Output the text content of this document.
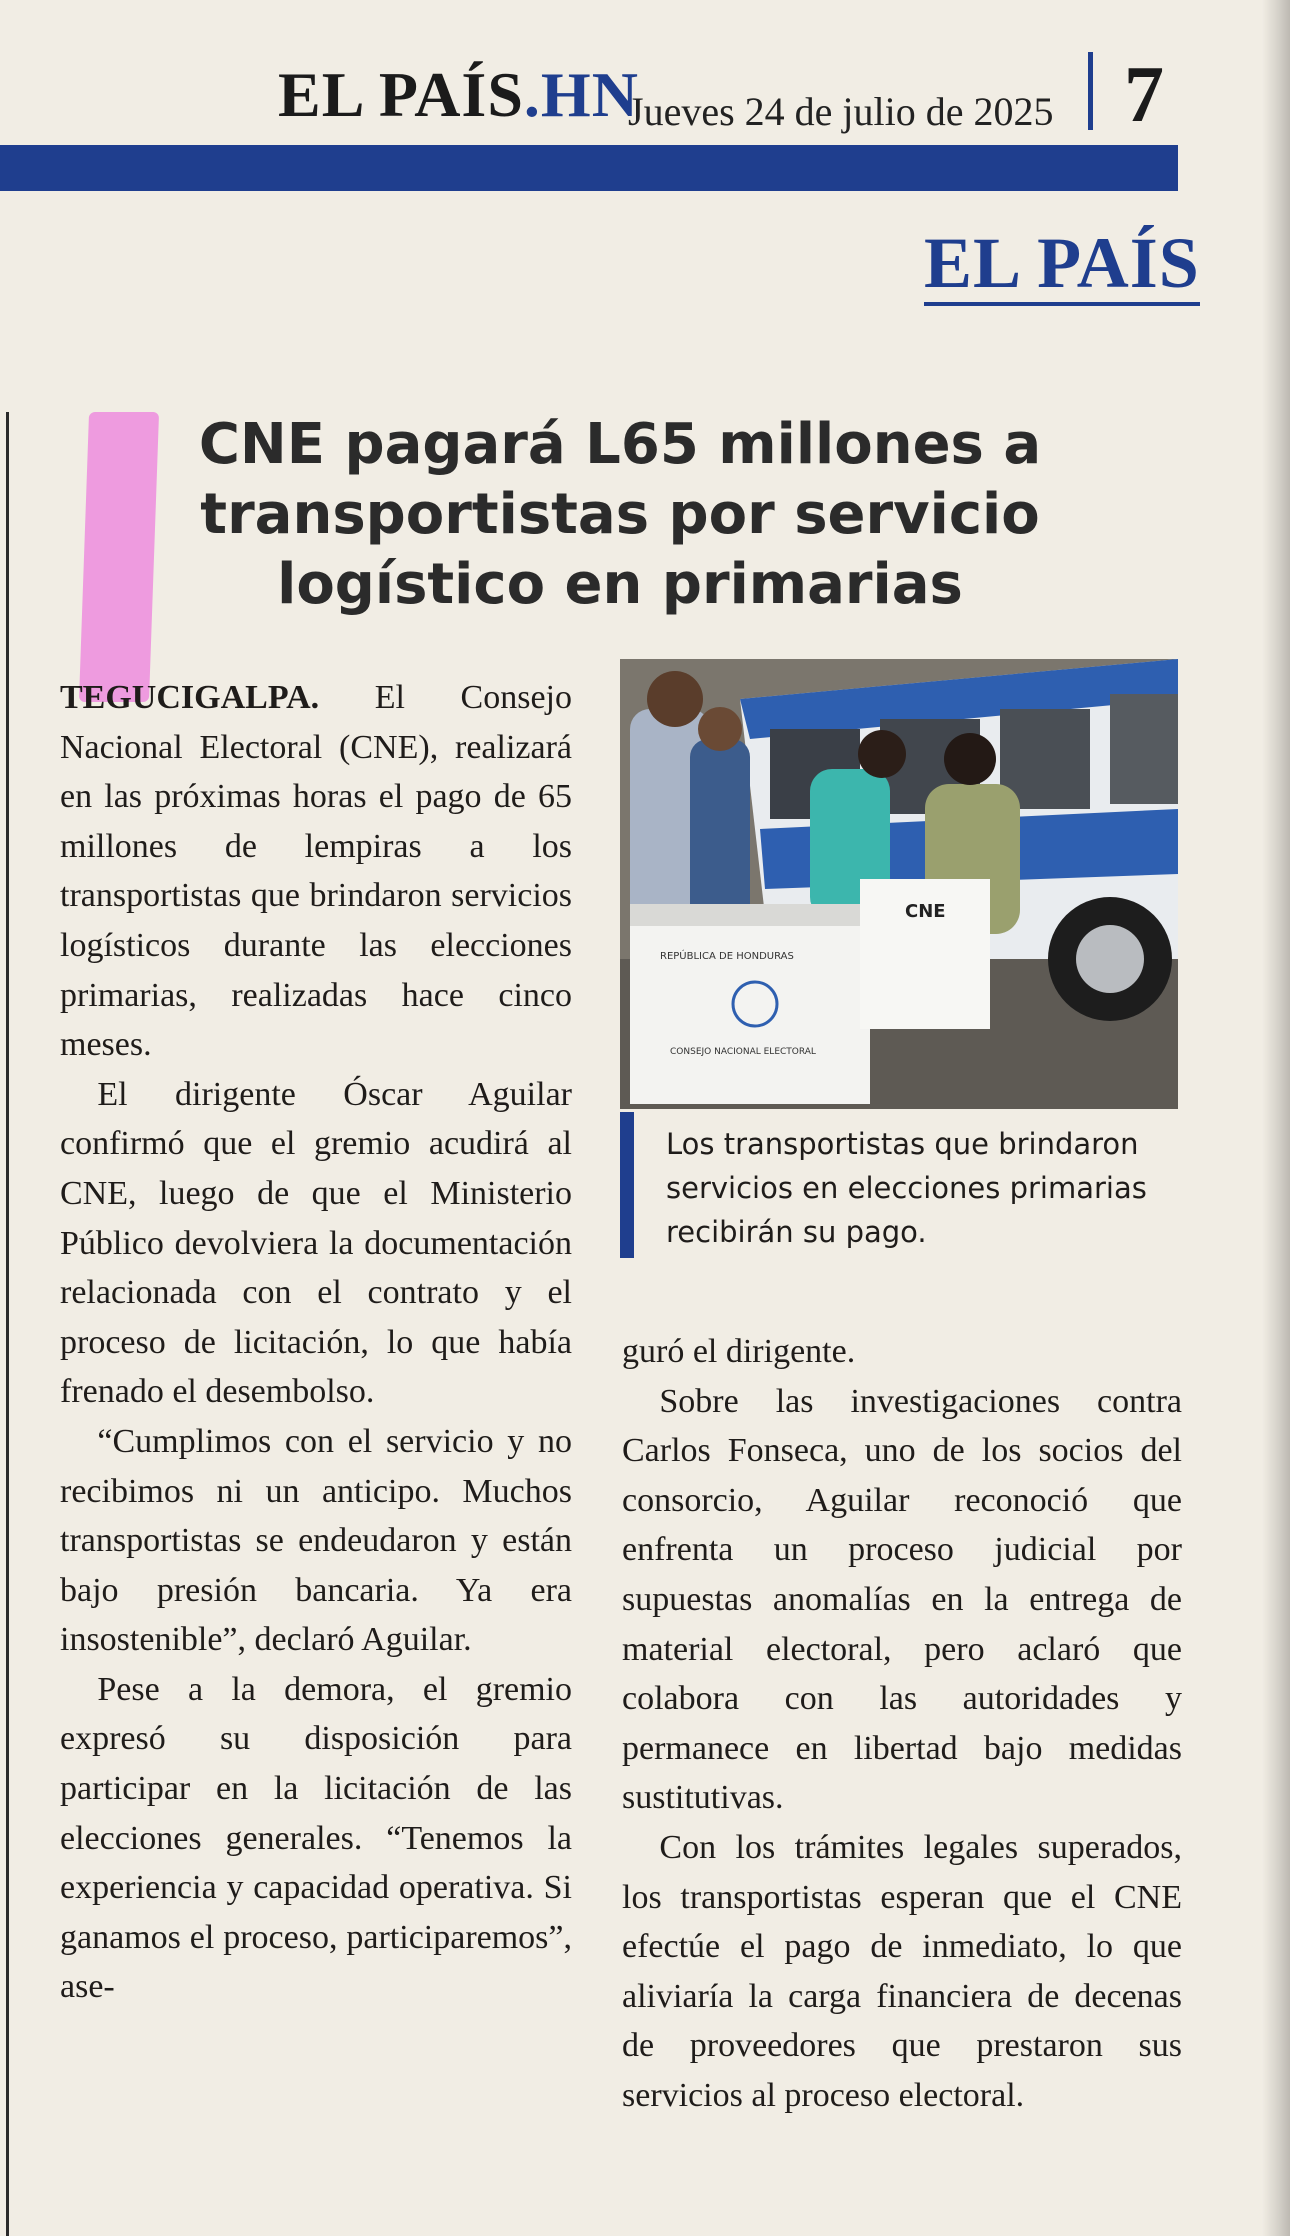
EL PAÍS.HN
Jueves 24 de julio de 2025 7
EL PAÍS
CNE pagará L65 millones a transportistas por servicio logístico en primarias

TEGUCIGALPA. El Consejo Nacional Electoral (CNE), realizará en las próximas horas el pago de 65 millones de lempiras a los transportistas que brindaron servicios logísticos durante las elecciones primarias, realizadas hace cinco meses.

El dirigente Óscar Aguilar confirmó que el gremio acudirá al CNE, luego de que el Ministerio Público devolviera la documentación relacionada con el contrato y el proceso de licitación, lo que había frenado el desembolso.

“Cumplimos con el servicio y no recibimos ni un anticipo. Muchos transportistas se endeudaron y están bajo presión bancaria. Ya era insostenible”, declaró Aguilar.

Pese a la demora, el gremio expresó su disposición para participar en la licitación de las elecciones generales. “Tenemos la experiencia y capacidad operativa. Si ganamos el proceso, participaremos”, ase-

REPÚBLICA DE HONDURAS
CONSEJO NACIONAL ELECTORAL
CNE
Los transportistas que brindaron servicios en elecciones primarias recibirán su pago.

guró el dirigente.

Sobre las investigaciones contra Carlos Fonseca, uno de los socios del consorcio, Aguilar reconoció que enfrenta un proceso judicial por supuestas anomalías en la entrega de material electoral, pero aclaró que colabora con las autoridades y permanece en libertad bajo medidas sustitutivas.

Con los trámites legales superados, los transportistas esperan que el CNE efectúe el pago de inmediato, lo que aliviaría la carga financiera de decenas de proveedores que prestaron sus servicios al proceso electoral.
